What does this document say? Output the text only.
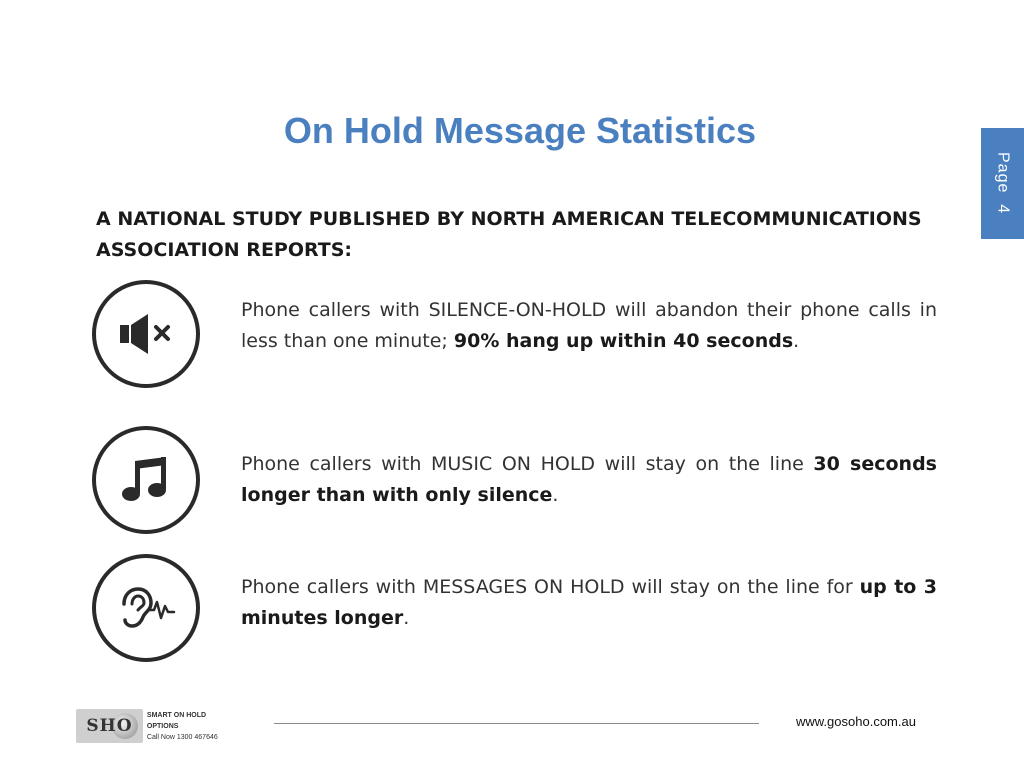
On Hold Message Statistics
Page  4
A NATIONAL STUDY PUBLISHED BY NORTH AMERICAN TELECOMMUNICATIONS
ASSOCIATION REPORTS:

Phone callers with SILENCE-ON-HOLD will abandon their phone calls in less than one minute; 90% hang up within 40 seconds.

Phone callers with MUSIC ON HOLD will stay on the line 30 seconds longer than with only silence.

Phone callers with MESSAGES ON HOLD will stay on the line for up to 3 minutes longer.

SHO
SMART ON HOLD OPTIONS
Call Now 1300 467646
www.gosoho.com.au
